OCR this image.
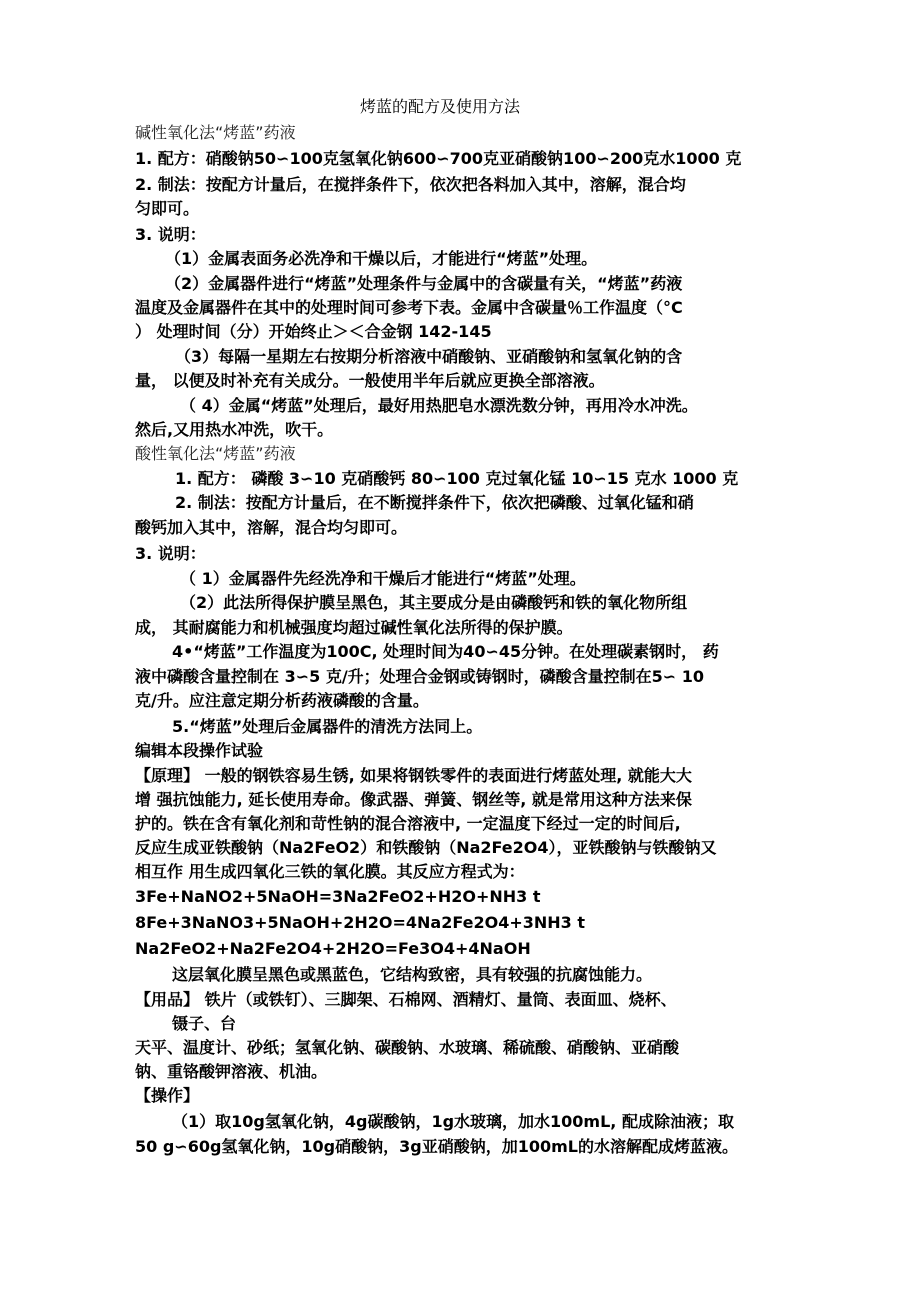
烤蓝的配方及使用方法
碱性氧化法“烤蓝”药液
1. 配方：硝酸钠50∽100克氢氧化钠600∽700克亚硝酸钠100∽200克水1000 克
2. 制法：按配方计量后，在搅拌条件下，依次把各料加入其中，溶解，混合均
匀即可。
3. 说明：
（1）金属表面务必洗净和干燥以后，才能进行“烤蓝”处理。
（2）金属器件进行“烤蓝”处理条件与金属中的含碳量有关，“烤蓝”药液
温度及金属器件在其中的处理时间可参考下表。金属中含碳量％工作温度（°C
） 处理时间（分）开始终止＞＜合金钢 142-145
（3）每隔一星期左右按期分析溶液中硝酸钠、亚硝酸钠和氢氧化钠的含
量， 以便及时补充有关成分。一般使用半年后就应更换全部溶液。
（ 4）金属“烤蓝”处理后，最好用热肥皂水漂洗数分钟，再用冷水冲洗。
然后,又用热水冲洗，吹干。
酸性氧化法“烤蓝”药液
1. 配方： 磷酸 3∽10 克硝酸钙 80∽100 克过氧化锰 10∽15 克水 1000 克
2. 制法：按配方计量后，在不断搅拌条件下，依次把磷酸、过氧化锰和硝
酸钙加入其中，溶解，混合均匀即可。
3. 说明：
（ 1）金属器件先经洗净和干燥后才能进行“烤蓝”处理。
（2）此法所得保护膜呈黑色，其主要成分是由磷酸钙和铁的氧化物所组
成， 其耐腐能力和机械强度均超过碱性氧化法所得的保护膜。
4•“烤蓝”工作温度为100C, 处理时间为40∽45分钟。在处理碳素钢时， 药
液中磷酸含量控制在 3∽5 克/升；处理合金钢或铸钢时，磷酸含量控制在5∽ 10
克/升。应注意定期分析药液磷酸的含量。
5.“烤蓝”处理后金属器件的清洗方法同上。
编辑本段操作试验
【原理】 一般的钢铁容易生锈, 如果将钢铁零件的表面进行烤蓝处理, 就能大大
增 强抗蚀能力, 延长使用寿命。像武器、弹簧、钢丝等, 就是常用这种方法来保
护的。铁在含有氧化剂和苛性钠的混合溶液中, 一定温度下经过一定的时间后,
反应生成亚铁酸钠（Na2FeO2）和铁酸钠（Na2Fe2O4），亚铁酸钠与铁酸钠又
相互作 用生成四氧化三铁的氧化膜。其反应方程式为：
3Fe+NaNO2+5NaOH=3Na2FeO2+H2O+NH3 t
8Fe+3NaNO3+5NaOH+2H2O=4Na2Fe2O4+3NH3 t
Na2FeO2+Na2Fe2O4+2H2O=Fe3O4+4NaOH
这层氧化膜呈黑色或黑蓝色，它结构致密，具有较强的抗腐蚀能力。
【用品】 铁片（或铁钉）、三脚架、石棉网、酒精灯、量筒、表面皿、烧杯、
镊子、台
天平、温度计、砂纸；氢氧化钠、碳酸钠、水玻璃、稀硫酸、硝酸钠、亚硝酸
钠、重铬酸钾溶液、机油。
【操作】
（1）取10g氢氧化钠，4g碳酸钠，1g水玻璃，加水100mL, 配成除油液；取
50 g∽60g氢氧化钠，10g硝酸钠，3g亚硝酸钠，加100mL的水溶解配成烤蓝液。
